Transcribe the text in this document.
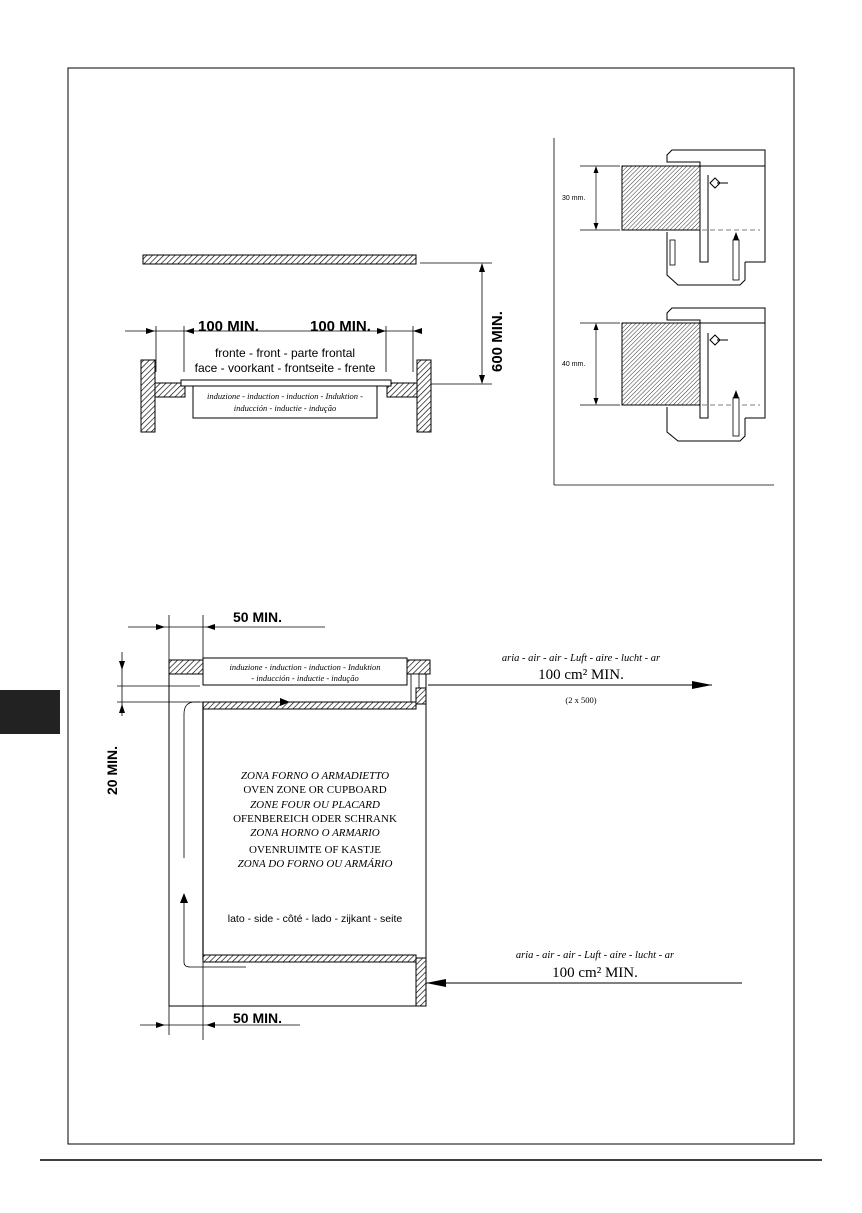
600 MIN.
100 MIN.	100 MIN.
fronte - front - parte frontal
face - voorkant - frontseite - frente
induzione - induction - induction - Induktion -
inducción - inductie - indução
30 mm.
40 mm.
50 MIN.
20 MIN.
induzione - induction - induction - Induktion
- inducción - inductie - indução
ZONA FORNO O ARMADIETTO
OVEN ZONE OR CUPBOARD
ZONE FOUR OU PLACARD
OFENBEREICH ODER SCHRANK
ZONA HORNO O ARMARIO
OVENRUIMTE OF KASTJE
ZONA DO FORNO OU ARMÁRIO
lato - side - côté - lado - zijkant - seite
aria - air - air - Luft - aire - lucht - ar
100 cm² MIN.
(2 x 500)
aria - air - air - Luft - aire - lucht - ar
100 cm² MIN.
50 MIN.
